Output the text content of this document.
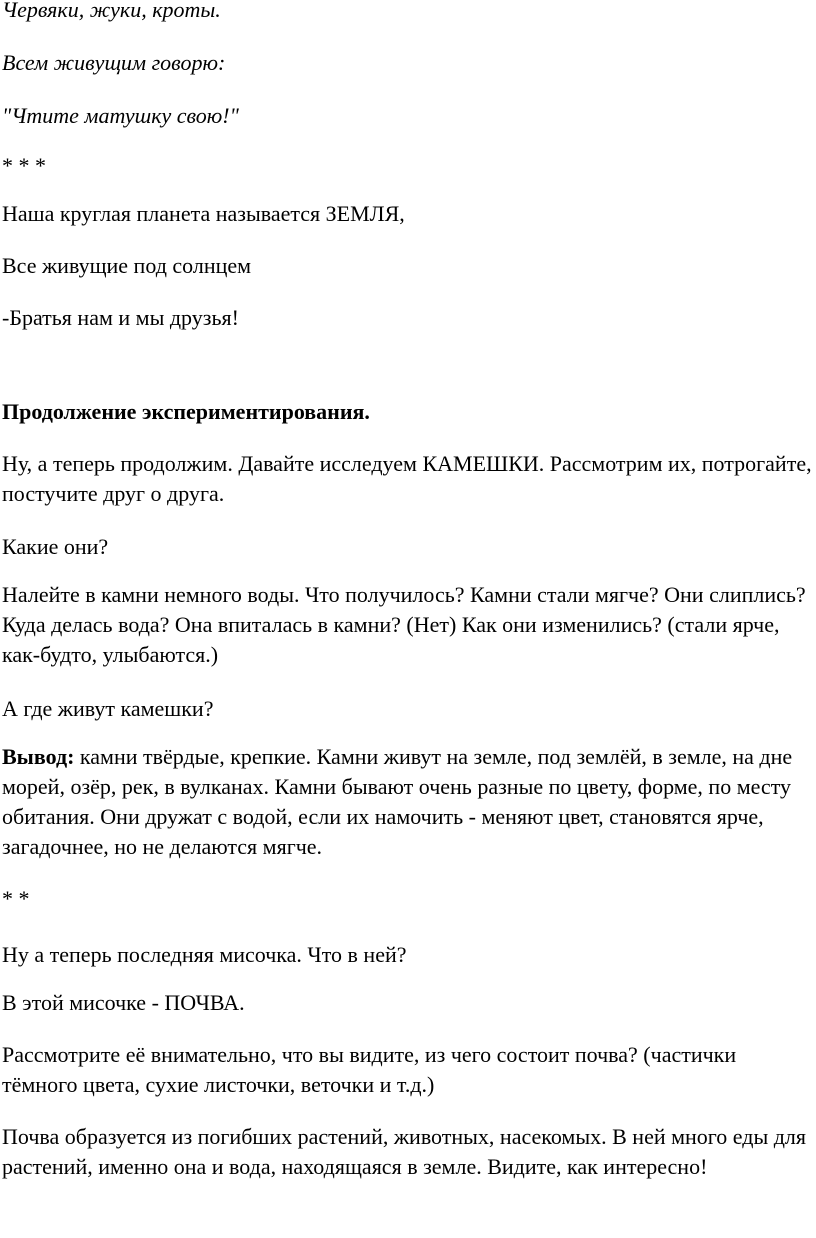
Червяки, жуки, кроты.

Всем живущим говорю:

"Чтите матушку свою!"

* * *

Наша круглая планета называется ЗЕМЛЯ,

Все живущие под солнцем

-Братья нам и мы друзья!

Продолжение экспериментирования.

Ну, а теперь продолжим. Давайте исследуем КАМЕШКИ. Рассмотрим их, потрогайте, постучите друг о друга.

Какие они?

Налейте в камни немного воды. Что получилось? Камни стали мягче? Они слиплись? Куда делась вода? Она впиталась в камни? (Нет) Как они изменились? (стали ярче, как-будто, улыбаются.)

А где живут камешки?

Вывод: камни твёрдые, крепкие. Камни живут на земле, под землёй, в земле, на дне морей, озёр, рек, в вулканах. Камни бывают очень разные по цвету, форме, по месту обитания. Они дружат с водой, если их намочить - меняют цвет, становятся ярче, загадочнее, но не делаются мягче.

* *

Ну а теперь последняя мисочка. Что в ней?

В этой мисочке - ПОЧВА.

Рассмотрите её внимательно, что вы видите, из чего состоит почва? (частички тёмного цвета, сухие листочки, веточки и т.д.)

Почва образуется из погибших растений, животных, насекомых. В ней много еды для растений, именно она и вода, находящаяся в земле. Видите, как интересно!
